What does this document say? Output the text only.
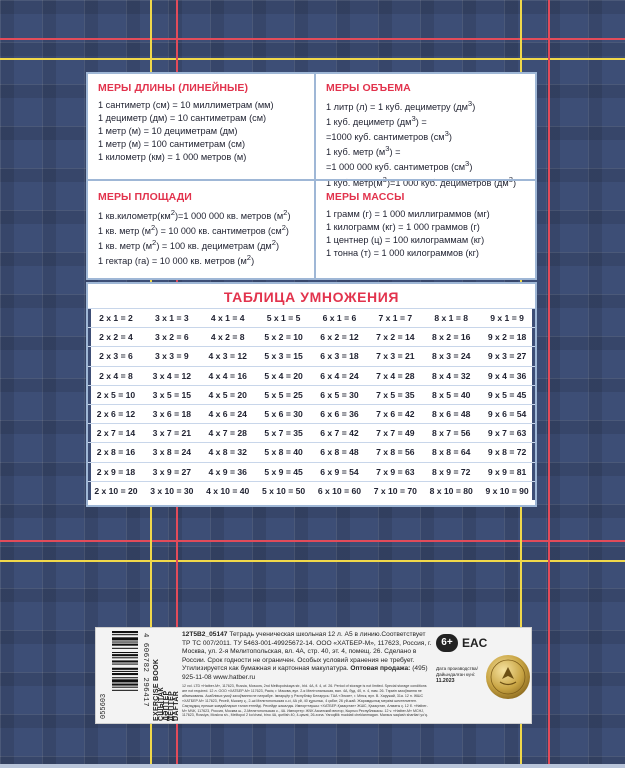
МЕРЫ ДЛИНЫ (ЛИНЕЙНЫЕ)
1 сантиметр (см) = 10 миллиметрам (мм)
1 дециметр (дм) = 10 сантиметрам (см)
1 метр (м) = 10 дециметрам (дм)
1 метр (м) = 100 сантиметрам (см)
1 километр (км) = 1 000 метров (м)
МЕРЫ ОБЪЕМА
1 литр (л) = 1 куб. дециметру $(дм^3)$
1 куб. дециметр $(дм^3)$ =
=1000 куб. сантиметров $(см^3)$
1 куб. метр $(м^3)$ =
=1 000 000 куб. сантиметров $(см^3)$
1 куб. $метр(м^3)=1$ 000 куб. дециметров $(дм^3)$
МЕРЫ ПЛОЩАДИ
1 $кв.километр(км^2)=1$ 000 000 кв. метров $(м^2)$
1 кв. метр $(м^2) = 10$ 000 кв. сантиметров $(см^2)$
1 кв. метр $(м^2) = 100$ кв. дециметрам $(дм^2)$
1 гектар (га) = 10 000 кв. метров $(м^2)$
МЕРЫ МАССЫ
1 грамм (г) = 1 000 миллиграммов (мг)
1 килограмм (кг) = 1 000 граммов (г)
1 центнер (ц) = 100 килограммам (кг)
1 тонна (т) = 1 000 килограммов (кг)
ТАБЛИЦА УМНОЖЕНИЯ
2 x 1 = 2	3 x 1 = 3	4 x 1 = 4	5 x 1 = 5	6 x 1 = 6	7 x 1 = 7	8 x 1 = 8	9 x 1 = 9
2 x 2 = 4	3 x 2 = 6	4 x 2 = 8	5 x 2 = 10	6 x 2 = 12	7 x 2 = 14	8 x 2 = 16	9 x 2 = 18
2 x 3 = 6	3 x 3 = 9	4 x 3 = 12	5 x 3 = 15	6 x 3 = 18	7 x 3 = 21	8 x 3 = 24	9 x 3 = 27
2 x 4 = 8	3 x 4 = 12	4 x 4 = 16	5 x 4 = 20	6 x 4 = 24	7 x 4 = 28	8 x 4 = 32	9 x 4 = 36
2 x 5 = 10	3 x 5 = 15	4 x 5 = 20	5 x 5 = 25	6 x 5 = 30	7 x 5 = 35	8 x 5 = 40	9 x 5 = 45
2 x 6 = 12	3 x 6 = 18	4 x 6 = 24	5 x 6 = 30	6 x 6 = 36	7 x 6 = 42	8 x 6 = 48	9 x 6 = 54
2 x 7 = 14	3 x 7 = 21	4 x 7 = 28	5 x 7 = 35	6 x 7 = 42	7 x 7 = 49	8 x 7 = 56	9 x 7 = 63
2 x 8 = 16	3 x 8 = 24	4 x 8 = 32	5 x 8 = 40	6 x 8 = 48	7 x 8 = 56	8 x 8 = 64	9 x 8 = 72
2 x 9 = 18	3 x 9 = 27	4 x 9 = 36	5 x 9 = 45	6 x 9 = 54	7 x 9 = 63	8 x 9 = 72	9 x 9 = 81
2 x 10 = 20	3 x 10 = 30	4 x 10 = 40	5 x 10 = 50	6 x 10 = 60	7 x 10 = 70	8 x 10 = 80	9 x 10 = 90
055603	4 606782 296417 EXERCISE BOOK
СШЫТАК
ДӘПТЕР
ДЕПТЕР
DAFTAR
12Т5В2_05147 Тетрадь ученическая школьная 12 л. А5 в линию.Соответствует ТР ТС 007/2011. ТУ 5463-001-49925672-14. ООО «ХАТБЕР-М», 117623, Россия, г. Москва, ул. 2-я Мелитопольская, вл. 4А, стр. 40, эт. 4, помещ. 26. Сделано в России. Срок годности не ограничен. Особых условий хранения не требует. Утилизируется как бумажная и картонная макулатура. Оптовая продажа: (495) 925-11-08 www.hatber.ru
12 vol. LTD «Hatber-M», 117623, Russia, Moscow, 2nd Melitopolskaya str., bld. 4A, fl. 4, of. 26. Period of storage is not limited. Special storage conditions are not required. 12 л. ООО «ХАТБЕР-М» 117623, Расія, г. Масква, вул. 2-я Мелітопальская, вал. 4А, буд. 40, п. 4, пам. 26. Тэрмін захоўвання не абмежаваны. Асаблівых умоў захоўвання не патрабуе. Імпарцёр у Рэспубліку Беларусь: ТАА «Элкат», г. Мінск, вул. В. Харужай, 31а. 12 п. ЖШС «ХАТБЕР-М» 117623, Ресей, Мәскеу қ., 2-ші Мелитопольская к-сі, 4А үй, 40 құрылыс, 4 қабат, 26 үй-жай. Жарамдылық мерзімі шектелмеген. Сақтаудың ерекше жағдайларын талап етпейді. Ресейде жасалды. Импорттаушы: «ХАТБЕР-Қазақстан» ЖШС, Қазақстан, Алматы қ. 12 б. «Hatber-M» МЧК, 117623, Россия, Москва ш., 2-Мелитопольская к., 4А. Импортер: ЖЧК Азиатский вектор, Кыргыз Республикасы. 12 v. «Hatber-M» MCHJ, 117623, Rossiya, Moskva sh., Melitopol 2 ko'chasi, bino 4A, qurilish 40, 4-qavat, 26-xona. Yaroqlilik muddati cheklanmagan. Maxsus saqlash shartlari yo'q.
6+ EAC
Дата производства/ Дайындалған күні:
11.2023
